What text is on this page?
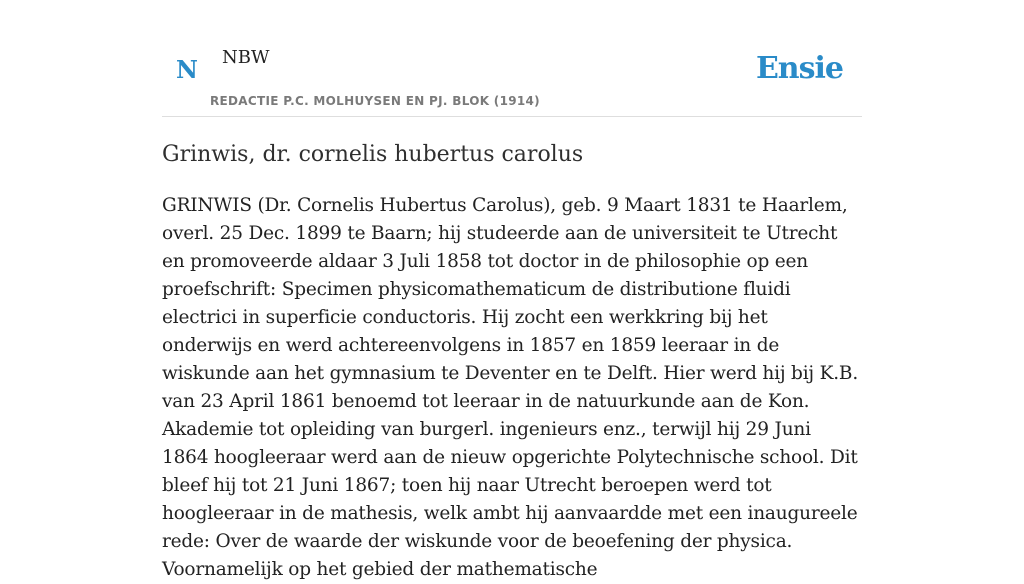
N NBW
REDACTIE P.C. MOLHUYSEN EN PJ. BLOK (1914)
Ensie
Grinwis, dr. cornelis hubertus carolus

GRINWIS (Dr. Cornelis Hubertus Carolus), geb. 9 Maart 1831 te Haarlem, overl. 25 Dec. 1899 te Baarn; hij studeerde aan de universiteit te Utrecht en promoveerde aldaar 3 Juli 1858 tot doctor in de philosophie op een proefschrift: Specimen physicomathematicum de distributione fluidi electrici in superficie conductoris. Hij zocht een werkkring bij het onderwijs en werd achtereenvolgens in 1857 en 1859 leeraar in de wiskunde aan het gymnasium te Deventer en te Delft. Hier werd hij bij K.B. van 23 April 1861 benoemd tot leeraar in de natuurkunde aan de Kon. Akademie tot opleiding van burgerl. ingenieurs enz., terwijl hij 29 Juni 1864 hoogleeraar werd aan de nieuw opgerichte Polytechnische school. Dit bleef hij tot 21 Juni 1867; toen hij naar Utrecht beroepen werd tot hoogleeraar in de mathesis, welk ambt hij aanvaardde met een inaugureele rede: Over de waarde der wiskunde voor de beoefening der physica. Voornamelijk op het gebied der mathematische
